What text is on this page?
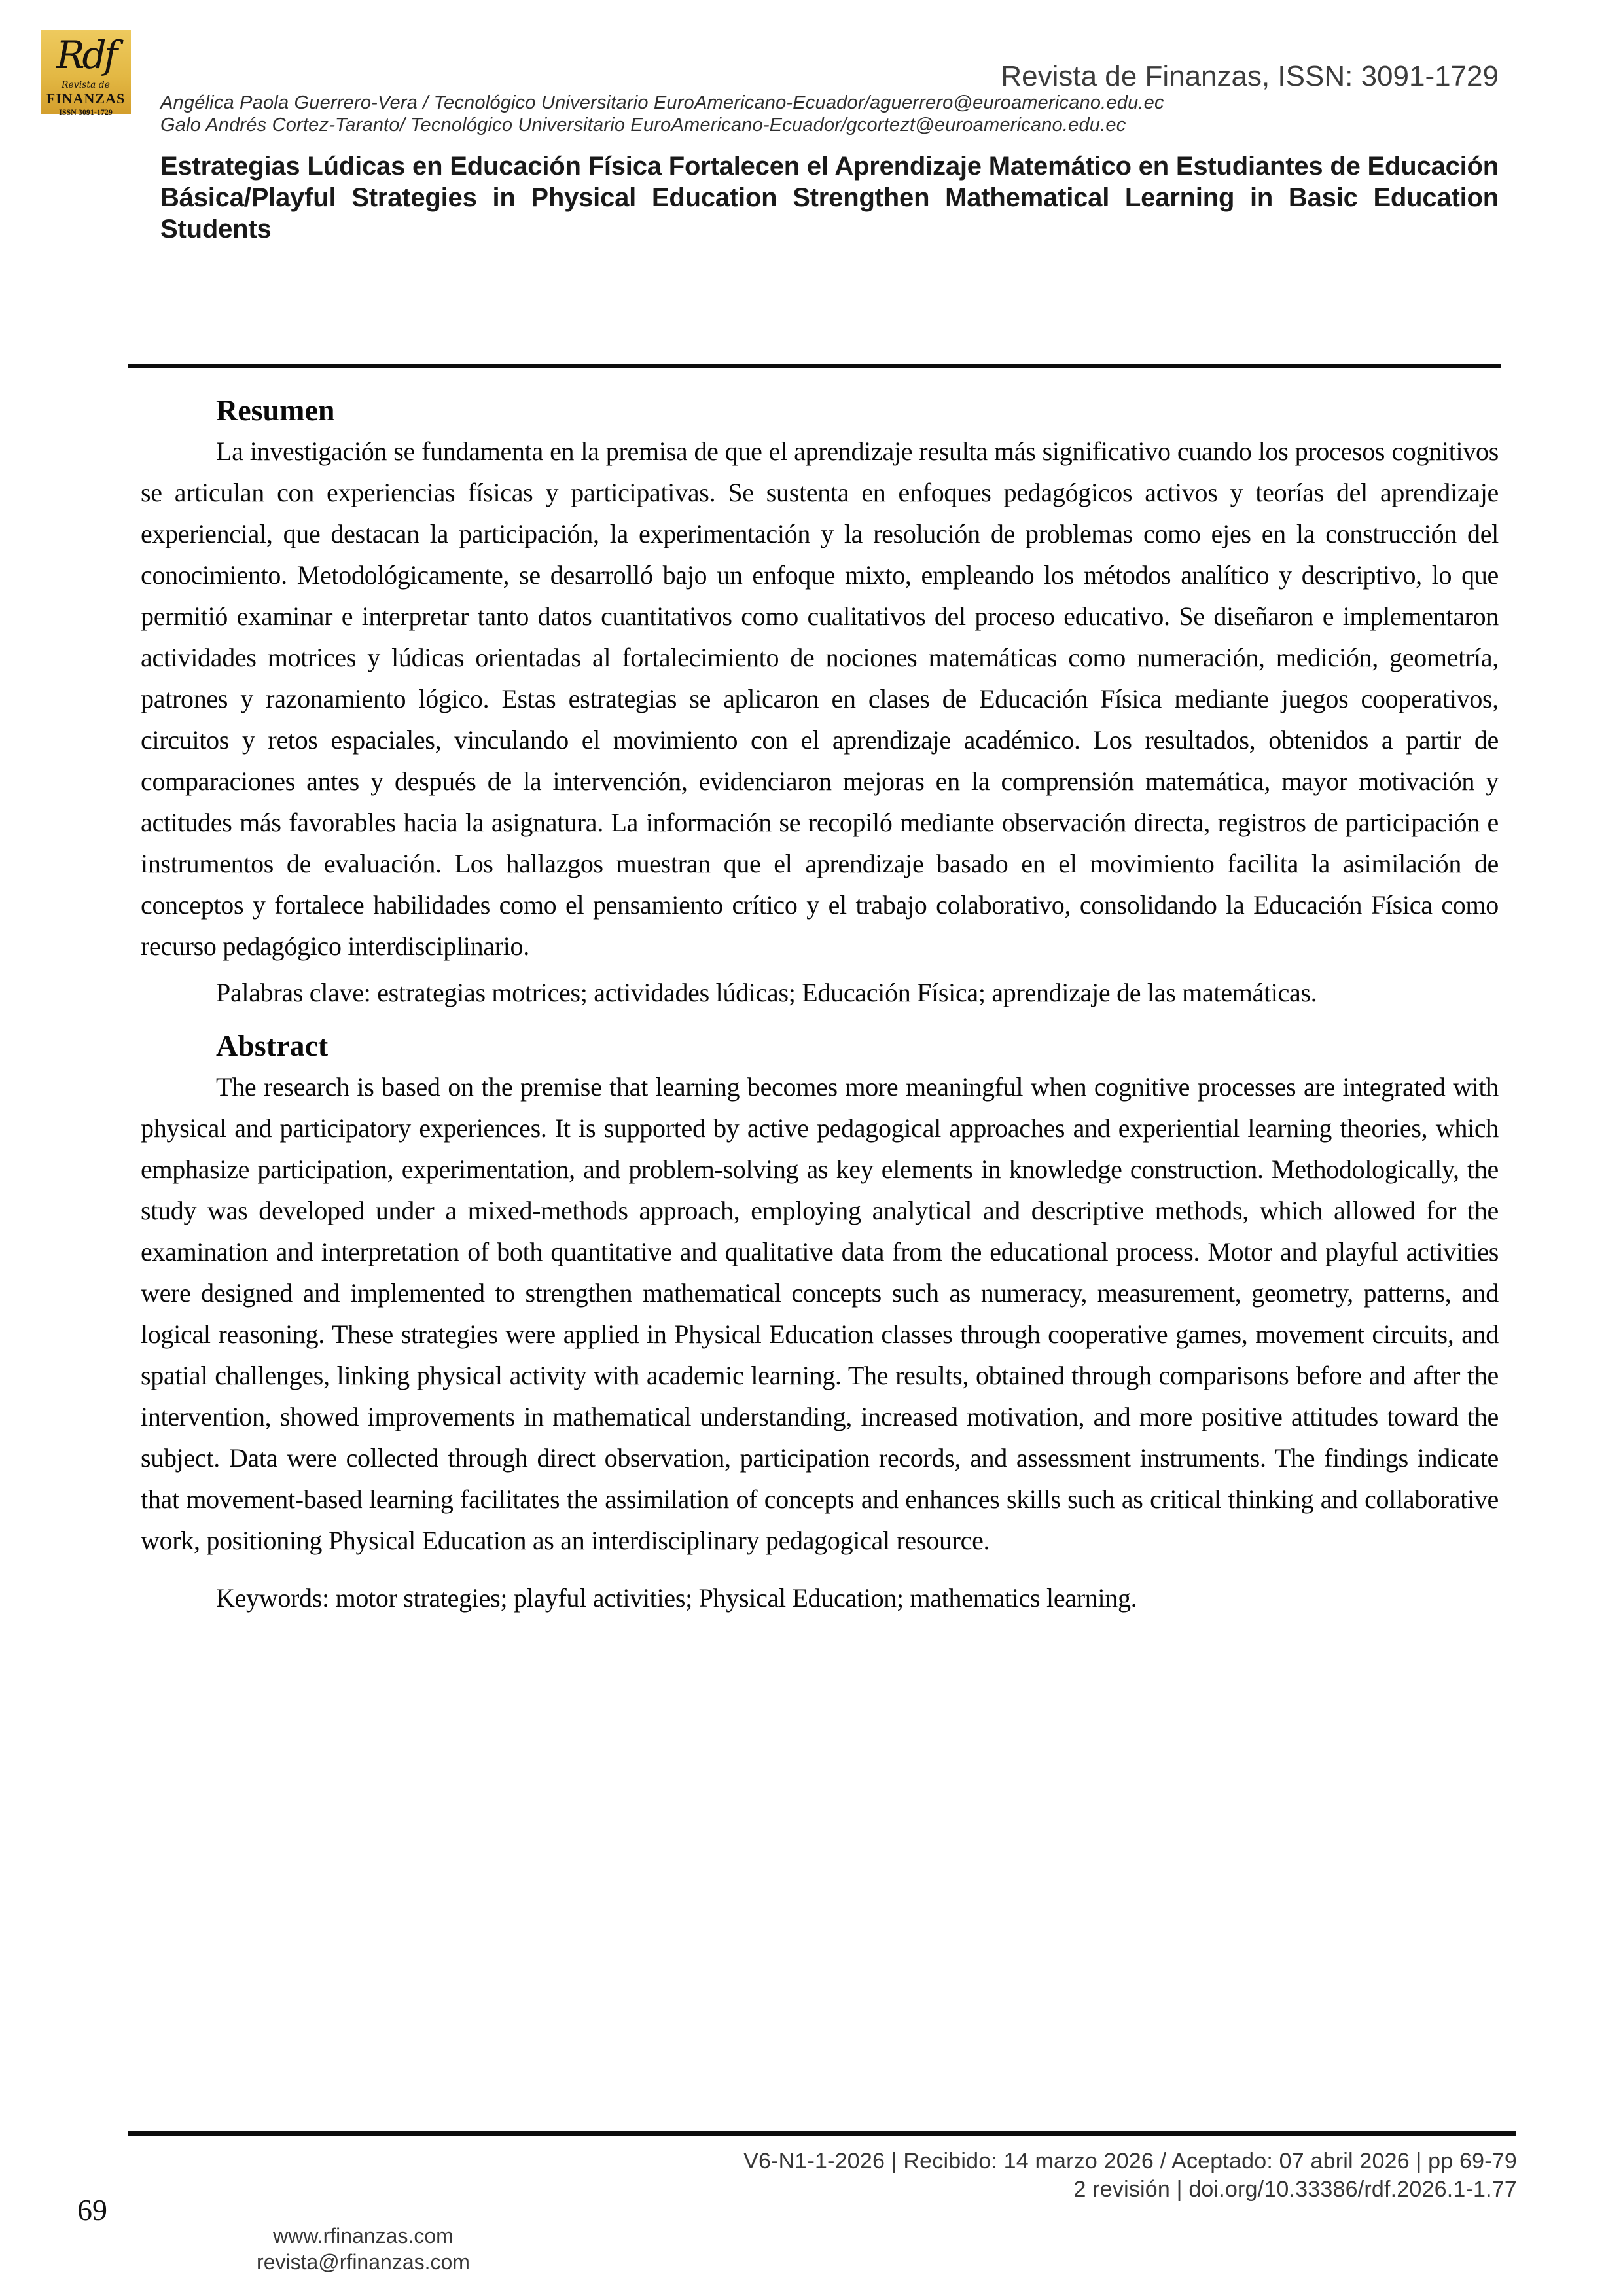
Rdf
Revista de
FINANZAS
ISSN 3091-1729
Revista de Finanzas, ISSN: 3091-1729
Angélica Paola Guerrero-Vera / Tecnológico Universitario EuroAmericano-Ecuador/aguerrero@euroamericano.edu.ec
Galo Andrés Cortez-Taranto/ Tecnológico Universitario EuroAmericano-Ecuador/gcortezt@euroamericano.edu.ec
Estrategias Lúdicas en Educación Física Fortalecen el Aprendizaje Matemático en Estudiantes de Educación Básica/Playful Strategies in Physical Education Strengthen Mathematical Learning in Basic Education Students
Resumen

La investigación se fundamenta en la premisa de que el aprendizaje resulta más significativo cuando los procesos cognitivos se articulan con experiencias físicas y participativas. Se sustenta en enfoques pedagógicos activos y teorías del aprendizaje experiencial, que destacan la participación, la experimentación y la resolución de problemas como ejes en la construcción del conocimiento. Metodológicamente, se desarrolló bajo un enfoque mixto, empleando los métodos analítico y descriptivo, lo que permitió examinar e interpretar tanto datos cuantitativos como cualitativos del proceso educativo. Se diseñaron e implementaron actividades motrices y lúdicas orientadas al fortalecimiento de nociones matemáticas como numeración, medición, geometría, patrones y razonamiento lógico. Estas estrategias se aplicaron en clases de Educación Física mediante juegos cooperativos, circuitos y retos espaciales, vinculando el movimiento con el aprendizaje académico. Los resultados, obtenidos a partir de comparaciones antes y después de la intervención, evidenciaron mejoras en la comprensión matemática, mayor motivación y actitudes más favorables hacia la asignatura. La información se recopiló mediante observación directa, registros de participación e instrumentos de evaluación. Los hallazgos muestran que el aprendizaje basado en el movimiento facilita la asimilación de conceptos y fortalece habilidades como el pensamiento crítico y el trabajo colaborativo, consolidando la Educación Física como recurso pedagógico interdisciplinario.

Palabras clave: estrategias motrices; actividades lúdicas; Educación Física; aprendizaje de las matemáticas.

Abstract

The research is based on the premise that learning becomes more meaningful when cognitive processes are integrated with physical and participatory experiences. It is supported by active pedagogical approaches and experiential learning theories, which emphasize participation, experimentation, and problem-solving as key elements in knowledge construction. Methodologically, the study was developed under a mixed-methods approach, employing analytical and descriptive methods, which allowed for the examination and interpretation of both quantitative and qualitative data from the educational process. Motor and playful activities were designed and implemented to strengthen mathematical concepts such as numeracy, measurement, geometry, patterns, and logical reasoning. These strategies were applied in Physical Education classes through cooperative games, movement circuits, and spatial challenges, linking physical activity with academic learning. The results, obtained through comparisons before and after the intervention, showed improvements in mathematical understanding, increased motivation, and more positive attitudes toward the subject. Data were collected through direct observation, participation records, and assessment instruments. The findings indicate that movement-based learning facilitates the assimilation of concepts and enhances skills such as critical thinking and collaborative work, positioning Physical Education as an interdisciplinary pedagogical resource.

Keywords: motor strategies; playful activities; Physical Education; mathematics learning.

V6-N1-1-2026 | Recibido: 14 marzo 2026 / Aceptado: 07 abril 2026 | pp 69-79
2 revisión | doi.org/10.33386/rdf.2026.1-1.77
69
www.rfinanzas.com
revista@rfinanzas.com
